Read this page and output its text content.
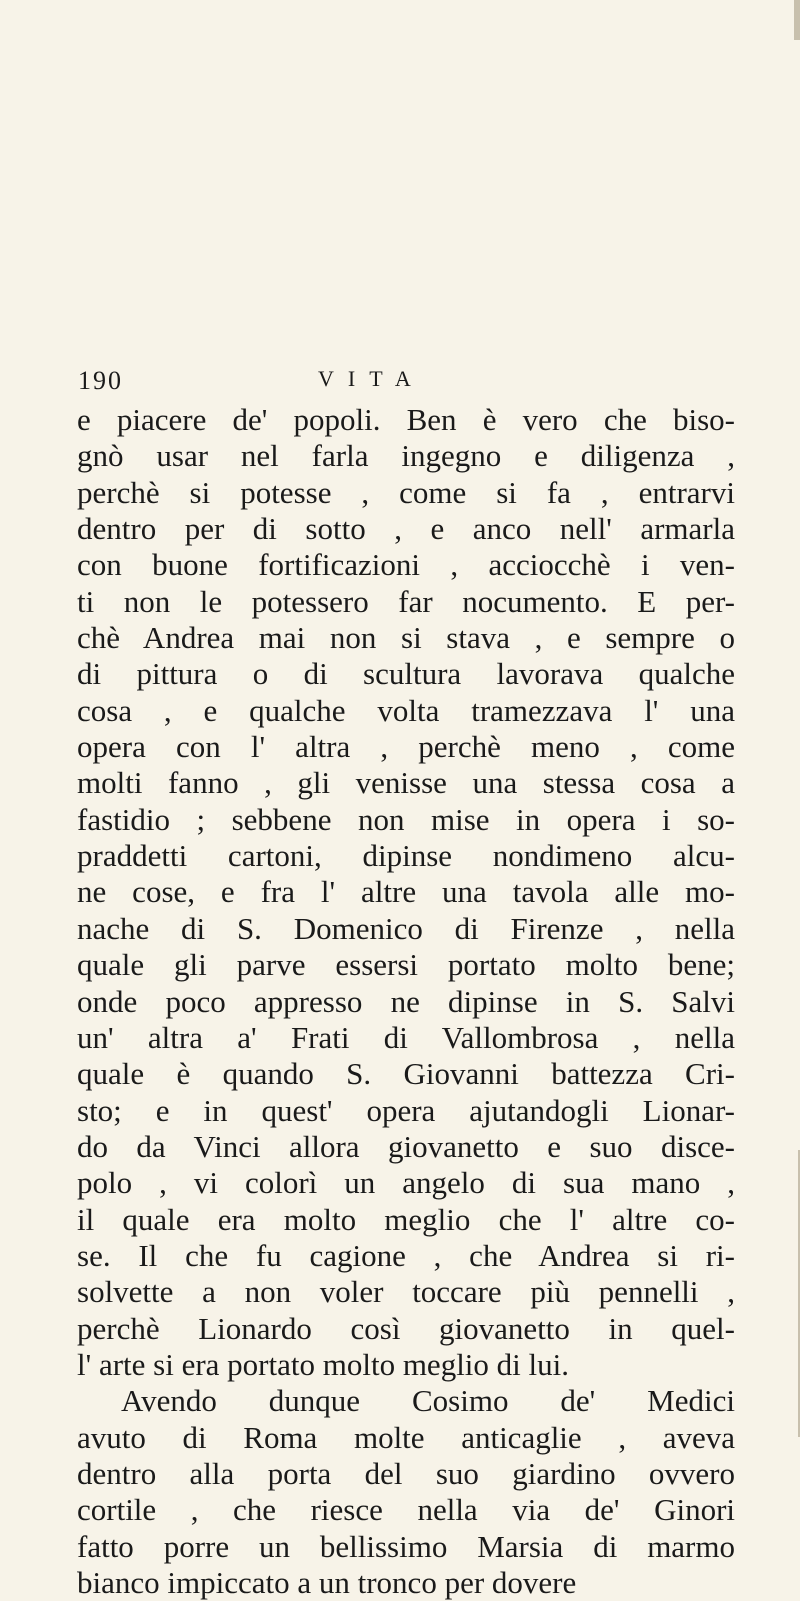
190	VITA
e piacere de' popoli. Ben è vero che biso-
gnò usar nel farla ingegno e diligenza ,
perchè si potesse , come si fa , entrarvi
dentro per di sotto , e anco nell' armarla
con buone fortificazioni , acciocchè i ven-
ti non le potessero far nocumento. E per-
chè Andrea mai non si stava , e sempre o
di pittura o di scultura lavorava qualche
cosa , e qualche volta tramezzava l' una
opera con l' altra , perchè meno , come
molti fanno , gli venisse una stessa cosa a
fastidio ; sebbene non mise in opera i so-
praddetti cartoni, dipinse nondimeno alcu-
ne cose, e fra l' altre una tavola alle mo-
nache di S. Domenico di Firenze , nella
quale gli parve essersi portato molto bene;
onde poco appresso ne dipinse in S. Salvi
un' altra a' Frati di Vallombrosa , nella
quale è quando S. Giovanni battezza Cri-
sto; e in quest' opera ajutandogli Lionar-
do da Vinci allora giovanetto e suo disce-
polo , vi colorì un angelo di sua mano ,
il quale era molto meglio che l' altre co-
se. Il che fu cagione , che Andrea si ri-
solvette a non voler toccare più pennelli ,
perchè Lionardo così giovanetto in quel-
l' arte si era portato molto meglio di lui.
Avendo dunque Cosimo de' Medici
avuto di Roma molte anticaglie , aveva
dentro alla porta del suo giardino ovvero
cortile , che riesce nella via de' Ginori
fatto porre un bellissimo Marsia di marmo
bianco impiccato a un tronco per dovere
